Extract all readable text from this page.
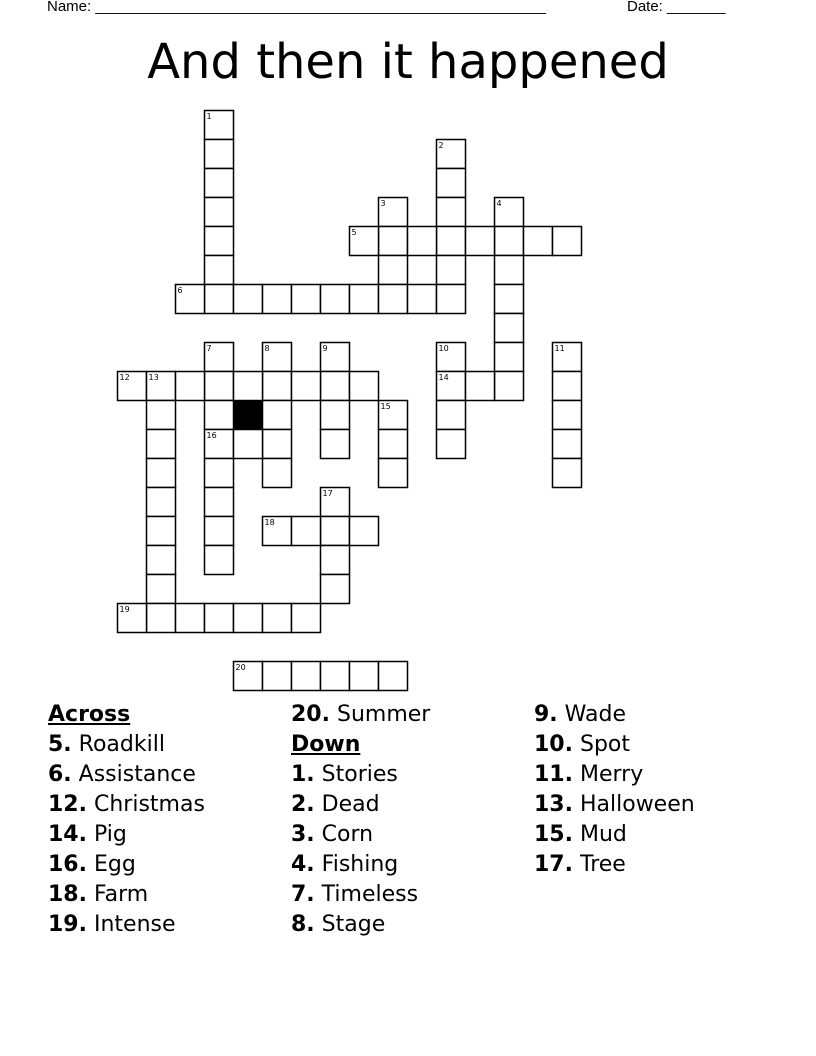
Name: ______________________________________________________	Date: _______
And then it happened
1
2
3	4
5
6
7	8	9	10	11
12 13	14
15
16
17
18
19
20
Across
5. Roadkill
6. Assistance
12. Christmas
14. Pig
16. Egg
18. Farm
19. Intense
20. Summer
Down
1. Stories
2. Dead
3. Corn
4. Fishing
7. Timeless
8. Stage
9. Wade
10. Spot
11. Merry
13. Halloween
15. Mud
17. Tree
